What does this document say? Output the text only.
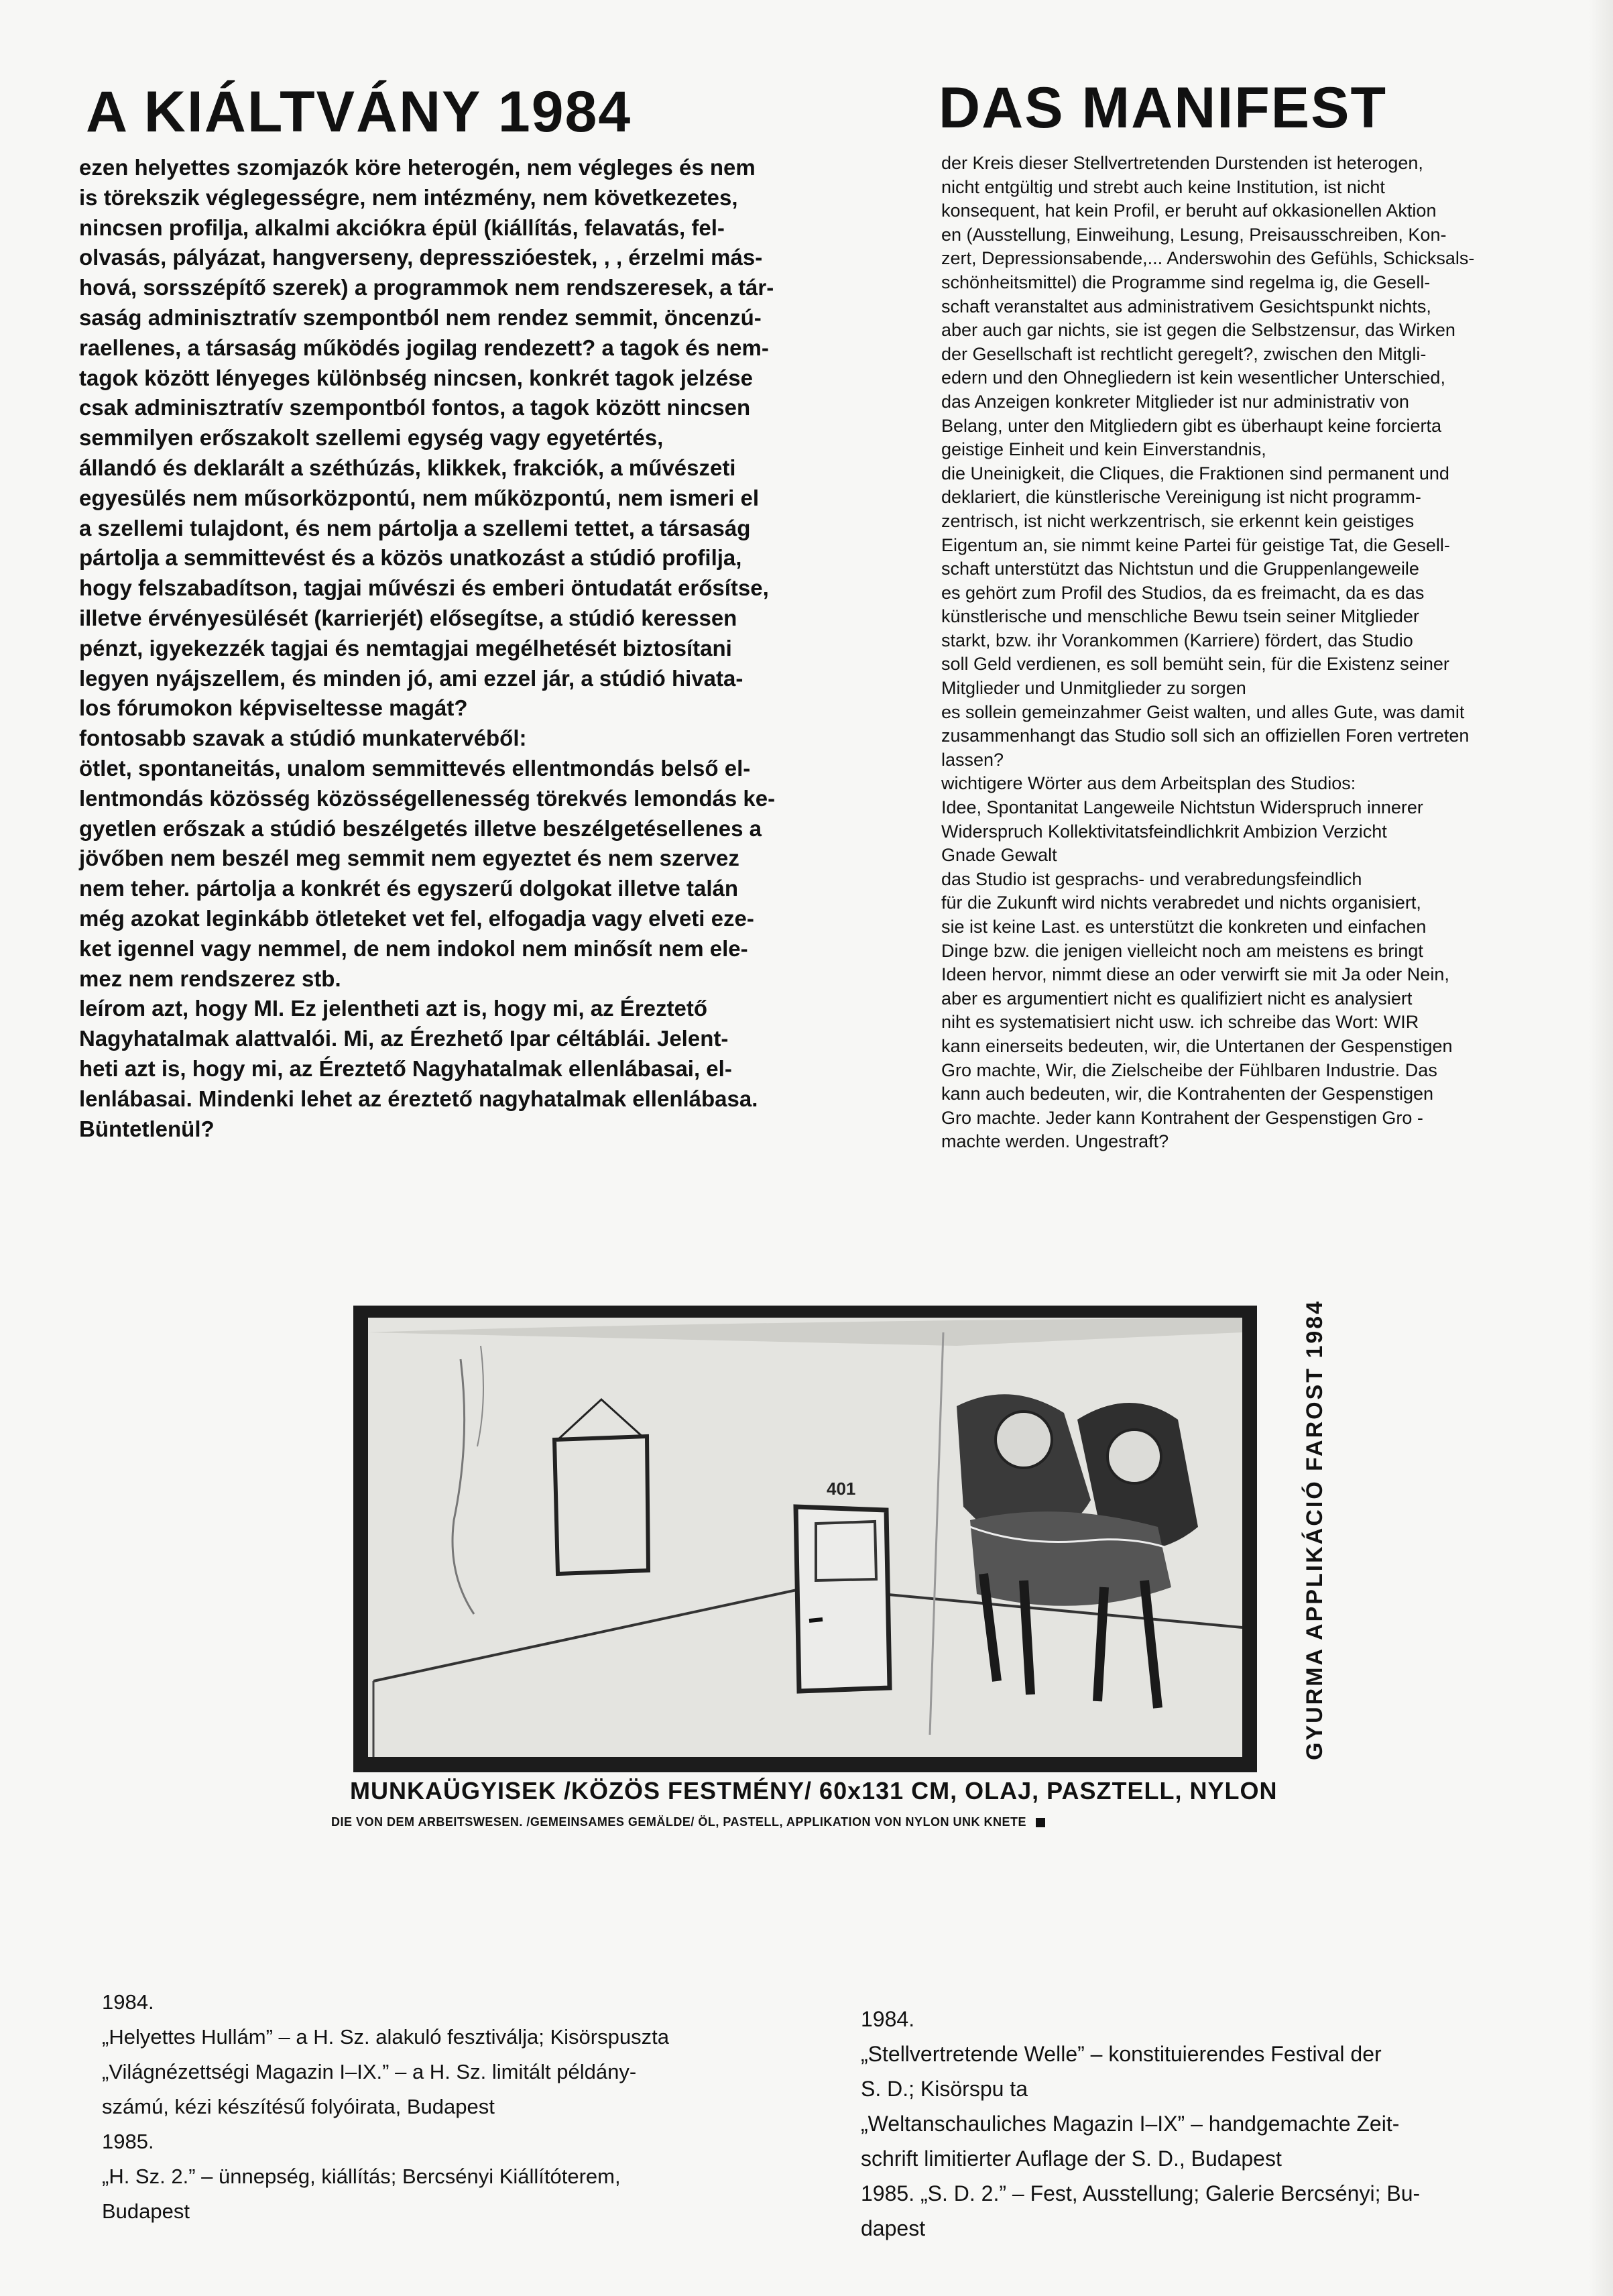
A KIÁLTVÁNY 1984	DAS MANIFEST

ezen helyettes szomjazók köre heterogén, nem végleges és nem

is törekszik véglegességre, nem intézmény, nem következetes,

nincsen profilja, alkalmi akciókra épül (kiállítás, felavatás, fel-

olvasás, pályázat, hangverseny, depresszióestek, , , érzelmi más-

hová, sorsszépítő szerek) a programmok nem rendszeresek, a tár-

saság adminisztratív szempontból nem rendez semmit, öncenzú-

raellenes, a társaság működés jogilag rendezett? a tagok és nem-

tagok között lényeges különbség nincsen, konkrét tagok jelzése

csak adminisztratív szempontból fontos, a tagok között nincsen

semmilyen erőszakolt szellemi egység vagy egyetértés,

állandó és deklarált a széthúzás, klikkek, frakciók, a művészeti

egyesülés nem műsorközpontú, nem műközpontú, nem ismeri el

a szellemi tulajdont, és nem pártolja a szellemi tettet, a társaság

pártolja a semmittevést és a közös unatkozást a stúdió profilja,

hogy felszabadítson, tagjai művészi és emberi öntudatát erősítse,

illetve érvényesülését (karrierjét) elősegítse, a stúdió keressen

pénzt, igyekezzék tagjai és nemtagjai megélhetését biztosítani

legyen nyájszellem, és minden jó, ami ezzel jár, a stúdió hivata-

los fórumokon képviseltesse magát?

fontosabb szavak a stúdió munkatervéből:

ötlet, spontaneitás, unalom semmittevés ellentmondás belső el-

lentmondás közösség közösségellenesség törekvés lemondás ke-

gyetlen erőszak a stúdió beszélgetés illetve beszélgetésellenes a

jövőben nem beszél meg semmit nem egyeztet és nem szervez

nem teher. pártolja a konkrét és egyszerű dolgokat illetve talán

még azokat leginkább ötleteket vet fel, elfogadja vagy elveti eze-

ket igennel vagy nemmel, de nem indokol nem minősít nem ele-

mez nem rendszerez stb.

leírom azt, hogy MI. Ez jelentheti azt is, hogy mi, az Éreztető

Nagyhatalmak alattvalói. Mi, az Érezhető Ipar céltáblái. Jelent-

heti azt is, hogy mi, az Éreztető Nagyhatalmak ellenlábasai, el-

lenlábasai. Mindenki lehet az éreztető nagyhatalmak ellenlábasa.

Büntetlenül?

der Kreis dieser Stellvertretenden Durstenden ist heterogen,

nicht entgültig und strebt auch keine Institution, ist nicht

konsequent, hat kein Profil, er beruht auf okkasionellen Aktion

en (Ausstellung, Einweihung, Lesung, Preisausschreiben, Kon-

zert, Depressionsabende,... Anderswohin des Gefühls, Schicksals-

schönheitsmittel) die Programme sind regelma ig, die Gesell-

schaft veranstaltet aus administrativem Gesichtspunkt nichts,

aber auch gar nichts, sie ist gegen die Selbstzensur, das Wirken

der Gesellschaft ist rechtlicht geregelt?, zwischen den Mitgli-

edern und den Ohnegliedern ist kein wesentlicher Unterschied,

das Anzeigen konkreter Mitglieder ist nur administrativ von

Belang, unter den Mitgliedern gibt es überhaupt keine forcierta

geistige Einheit und kein Einverstandnis,

die Uneinigkeit, die Cliques, die Fraktionen sind permanent und

deklariert, die künstlerische Vereinigung ist nicht programm-

zentrisch, ist nicht werkzentrisch, sie erkennt kein geistiges

Eigentum an, sie nimmt keine Partei für geistige Tat, die Gesell-

schaft unterstützt das Nichtstun und die Gruppenlangeweile

es gehört zum Profil des Studios, da es freimacht, da es das

künstlerische und menschliche Bewu tsein seiner Mitglieder

starkt, bzw. ihr Vorankommen (Karriere) fördert, das Studio

soll Geld verdienen, es soll bemüht sein, für die Existenz seiner

Mitglieder und Unmitglieder zu sorgen

es sollein gemeinzahmer Geist walten, und alles Gute, was damit

zusammenhangt das Studio soll sich an offiziellen Foren vertreten

lassen?

wichtigere Wörter aus dem Arbeitsplan des Studios:

Idee, Spontanitat Langeweile Nichtstun Widerspruch innerer

Widerspruch Kollektivitatsfeindlichkrit Ambizion Verzicht

Gnade Gewalt

das Studio ist gesprachs- und verabredungsfeindlich

für die Zukunft wird nichts verabredet und nichts organisiert,

sie ist keine Last. es unterstützt die konkreten und einfachen

Dinge bzw. die jenigen vielleicht noch am meistens es bringt

Ideen hervor, nimmt diese an oder verwirft sie mit Ja oder Nein,

aber es argumentiert nicht es qualifiziert nicht es analysiert

niht es systematisiert nicht usw. ich schreibe das Wort: WIR

kann einerseits bedeuten, wir, die Untertanen der Gespenstigen

Gro machte, Wir, die Zielscheibe der Fühlbaren Industrie. Das

kann auch bedeuten, wir, die Kontrahenten der Gespenstigen

Gro machte. Jeder kann Kontrahent der Gespenstigen Gro -

machte werden. Ungestraft?

401	GYURMA APPLIKÁCIÓ FAROST 1984
MUNKAÜGYISEK /KÖZÖS FESTMÉNY/ 60x131 CM, OLAJ, PASZTELL, NYLON
DIE VON DEM ARBEITSWESEN. /GEMEINSAMES GEMÄLDE/ ÖL, PASTELL, APPLIKATION VON NYLON UNK KNETE

1984.

„Helyettes Hullám” – a H. Sz. alakuló fesztiválja; Kisörspuszta

„Világnézettségi Magazin I–IX.” – a H. Sz. limitált példány-

számú, kézi készítésű folyóirata, Budapest

1985.

„H. Sz. 2.” – ünnepség, kiállítás; Bercsényi Kiállítóterem,

Budapest

1984.

„Stellvertretende Welle” – konstituierendes Festival der

S. D.; Kisörspu ta

„Weltanschauliches Magazin I–IX” – handgemachte Zeit-

schrift limitierter Auflage der S. D., Budapest

1985. „S. D. 2.” – Fest, Ausstellung; Galerie Bercsényi; Bu-

dapest
